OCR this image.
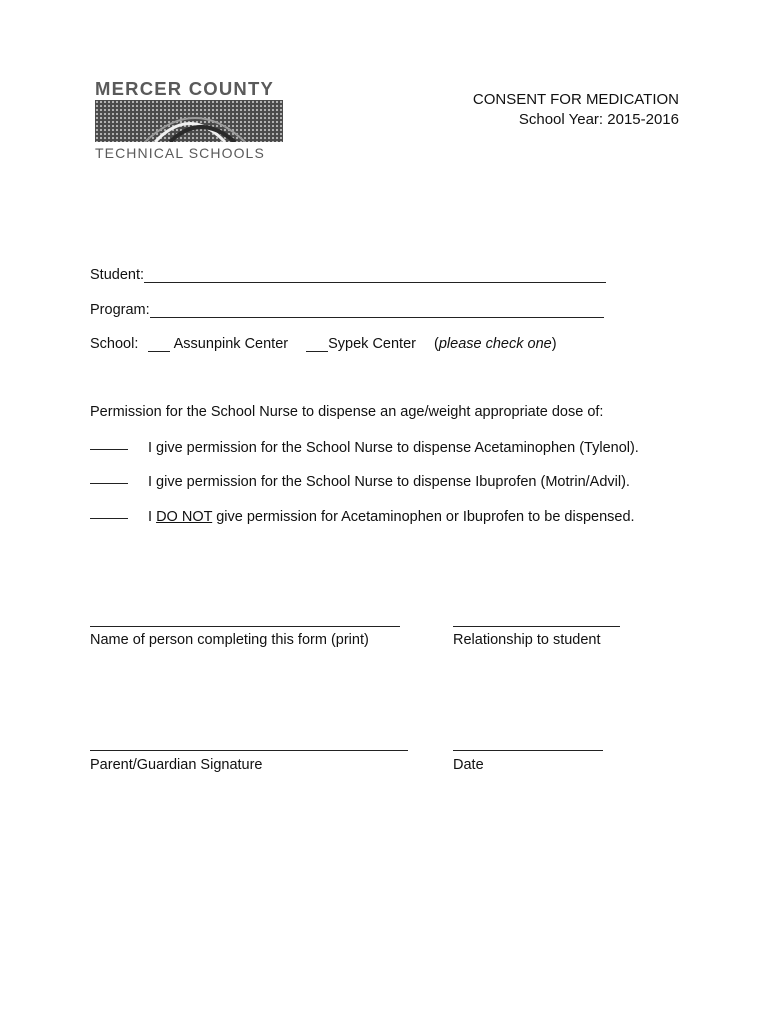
MERCER COUNTY
TECHNICAL SCHOOLS
CONSENT FOR MEDICATION
School Year: 2015-2016
Student:
Program:
School: Assunpink Center	Sypek Center (please check one)
Permission for the School Nurse to dispense an age/weight appropriate dose of:
I give permission for the School Nurse to dispense Acetaminophen (Tylenol).
I give permission for the School Nurse to dispense Ibuprofen (Motrin/Advil).
I DO NOT give permission for Acetaminophen or Ibuprofen to be dispensed.
Name of person completing this form (print)	Relationship to student
Parent/Guardian Signature	Date
